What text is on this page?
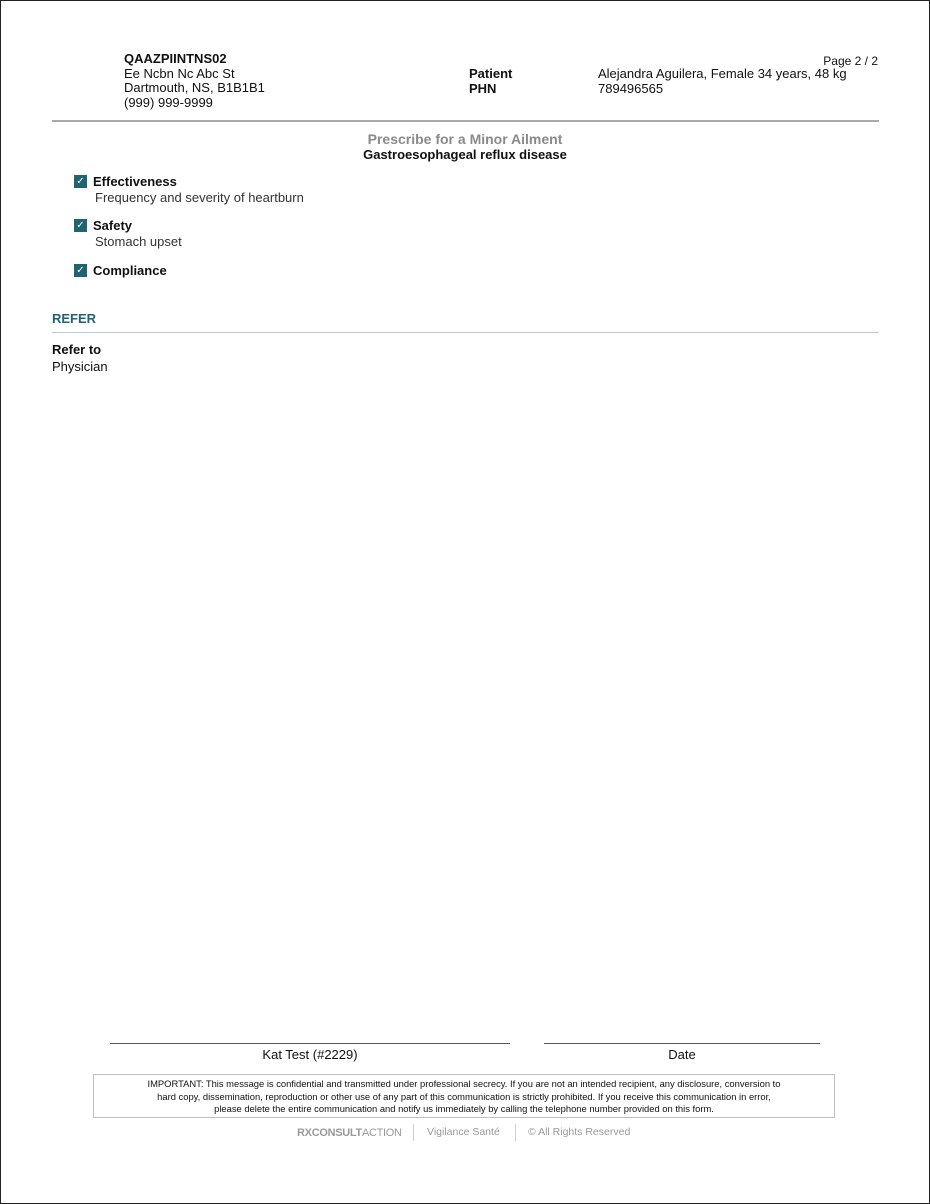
QAAZPIINTNS02
Ee Ncbn Nc Abc St
Dartmouth, NS, B1B1B1
(999) 999-9999
Page 2 / 2
Patient
PHN
Alejandra Aguilera, Female 34 years, 48 kg
789496565
Prescribe for a Minor Ailment
Gastroesophageal reflux disease
✓ Effectiveness
Frequency and severity of heartburn
✓ Safety
Stomach upset
✓ Compliance
REFER
Refer to
Physician
Kat Test (#2229)	Date
IMPORTANT: This message is confidential and transmitted under professional secrecy. If you are not an intended recipient, any disclosure, conversion to
hard copy, dissemination, reproduction or other use of any part of this communication is strictly prohibited. If you receive this communication in error,
please delete the entire communication and notify us immediately by calling the telephone number provided on this form.
RXCONSULTACTION Vigilance Santé	© All Rights Reserved
